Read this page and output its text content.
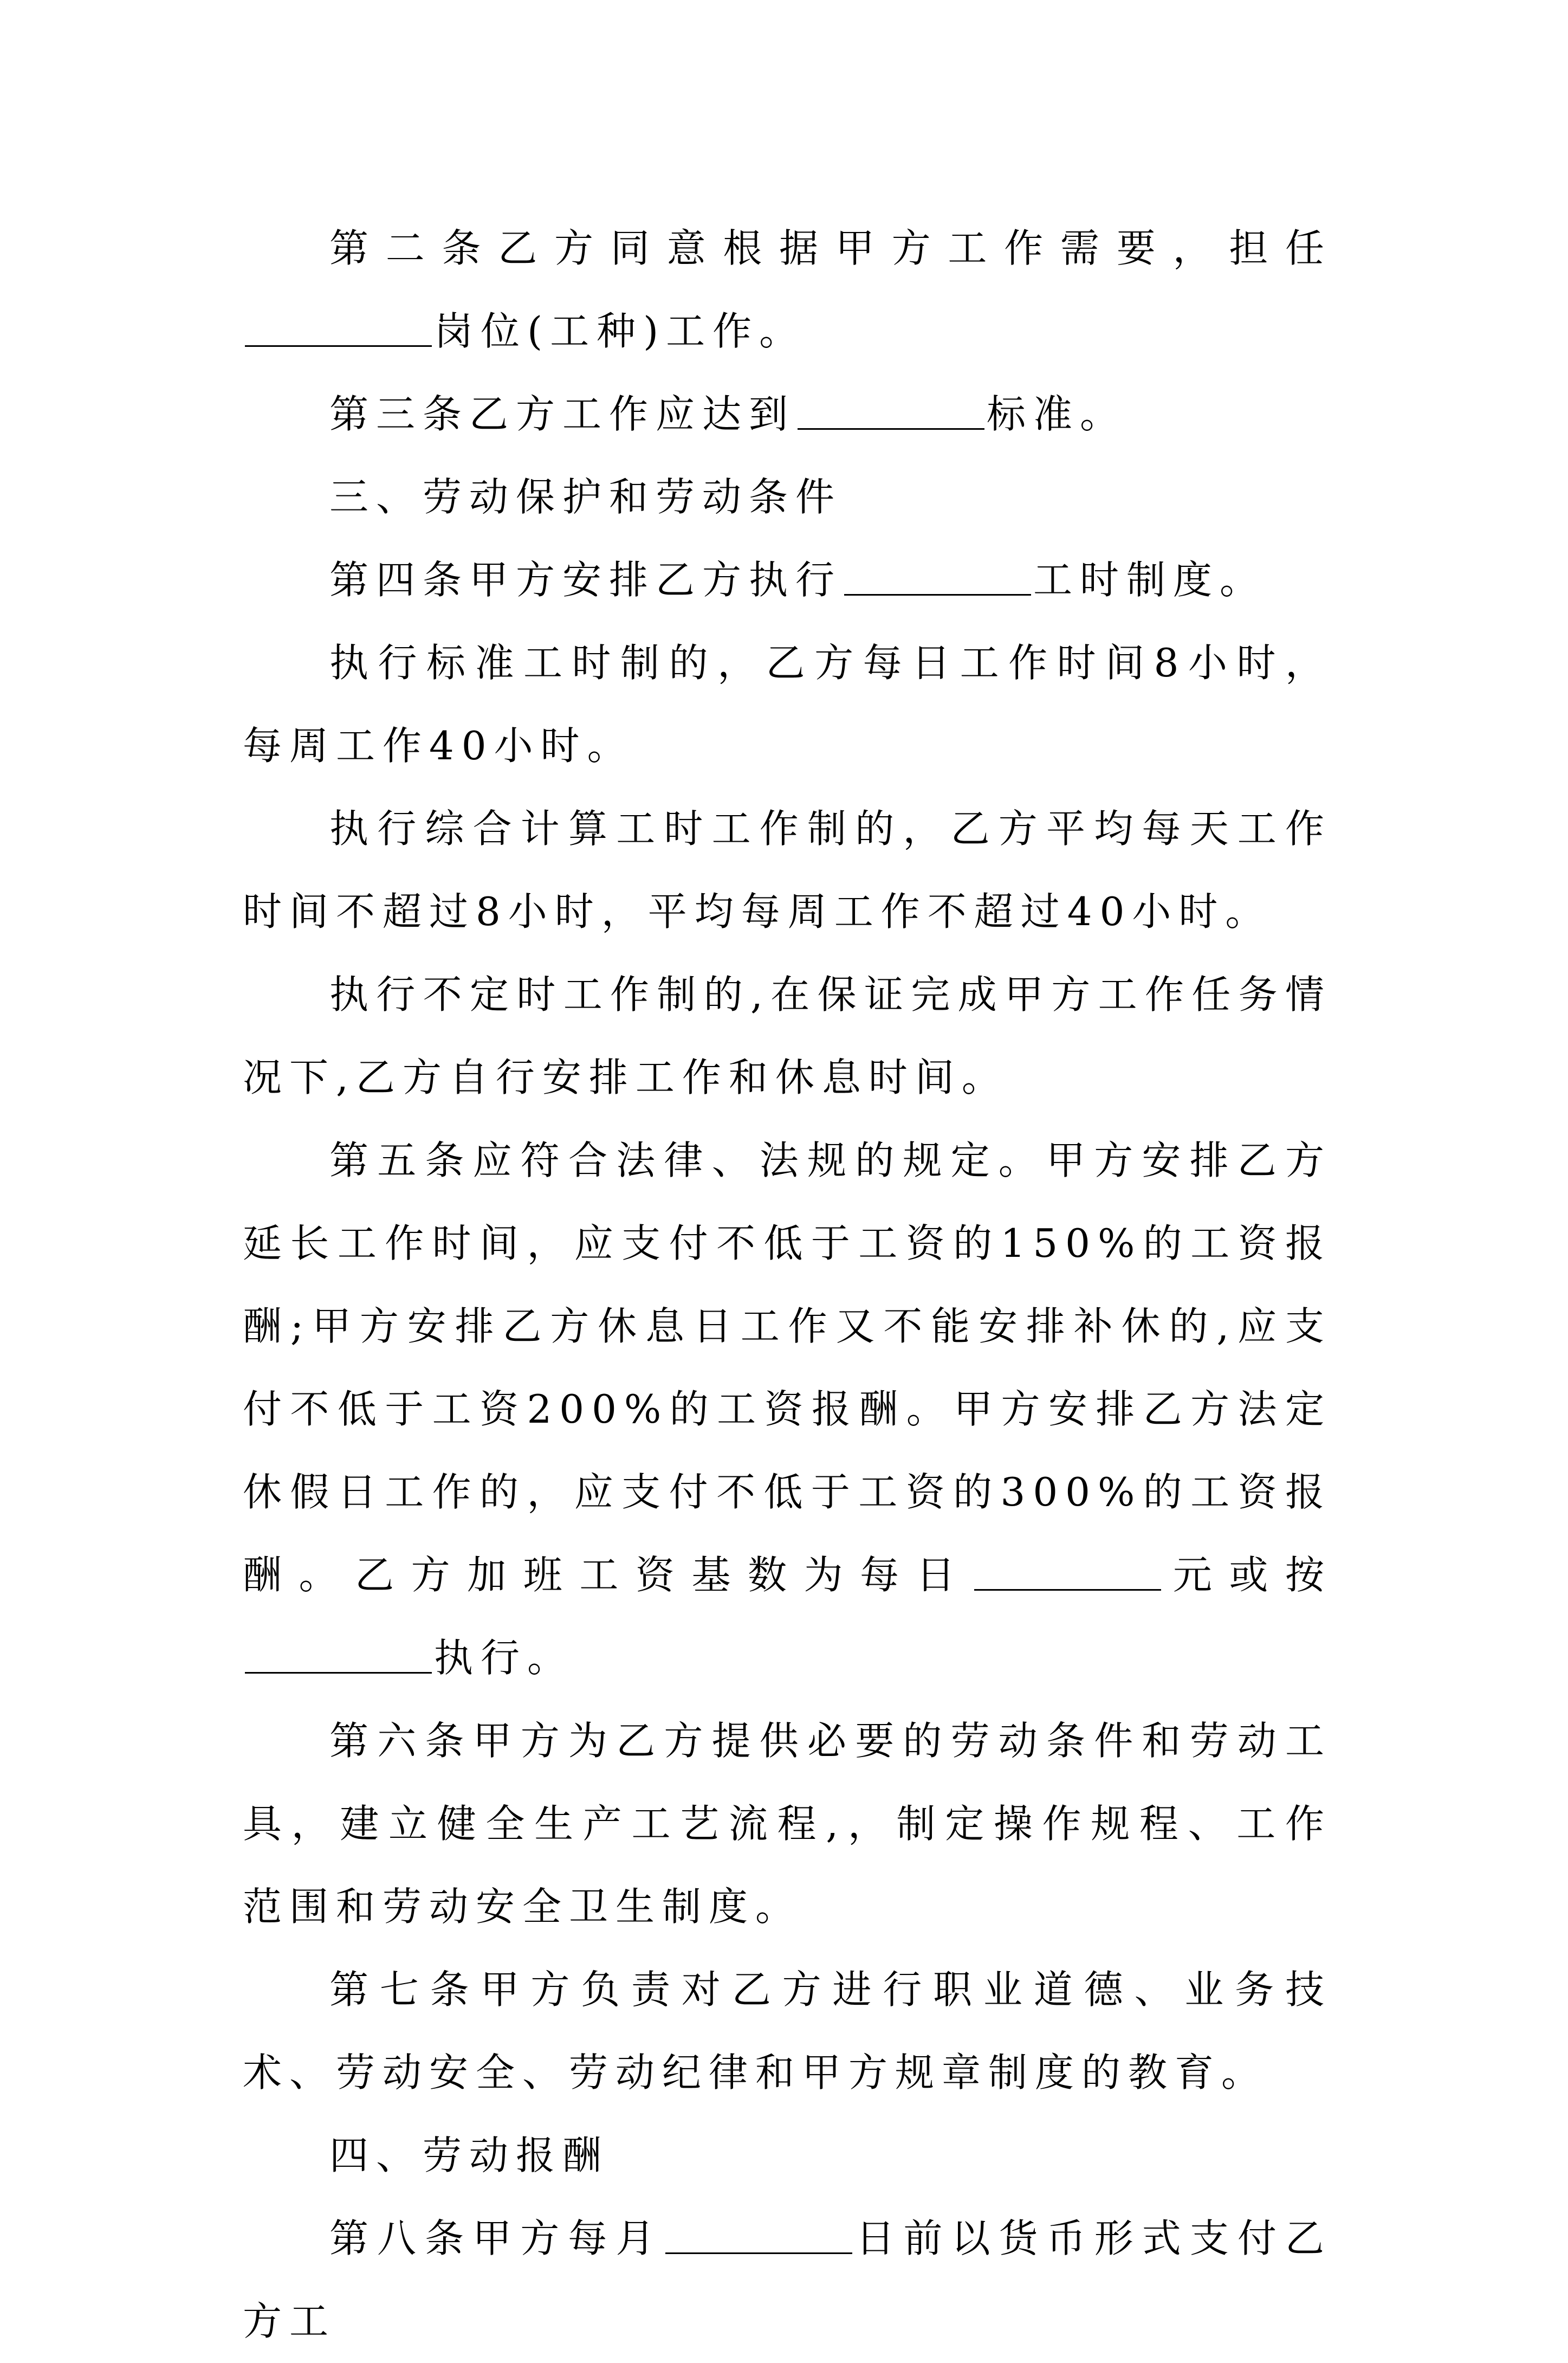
第二条乙方同意根据甲方工作需要，担任岗位(工种)工作。

第三条乙方工作应达到	标准。

三、劳动保护和劳动条件

第四条甲方安排乙方执行	工时制度。

执行标准工时制的，乙方每日工作时间8小时，每周工作40小时。

执行综合计算工时工作制的，乙方平均每天工作时间不超过8小时，平均每周工作不超过40小时。

执行不定时工作制的,在保证完成甲方工作任务情况下,乙方自行安排工作和休息时间。

第五条应符合法律、法规的规定。甲方安排乙方延长工作时间，应支付不低于工资的150%的工资报酬;甲方安排乙方休息日工作又不能安排补休的,应支付不低于工资200%的工资报酬。甲方安排乙方法定休假日工作的，应支付不低于工资的300%的工资报酬。乙方加班工资基数为每日	元或按执行。

第六条甲方为乙方提供必要的劳动条件和劳动工具，建立健全生产工艺流程,，制定操作规程、工作范围和劳动安全卫生制度。

第七条甲方负责对乙方进行职业道德、业务技术、劳动安全、劳动纪律和甲方规章制度的教育。

四、劳动报酬

第八条甲方每月	日前以货币形式支付乙方工
